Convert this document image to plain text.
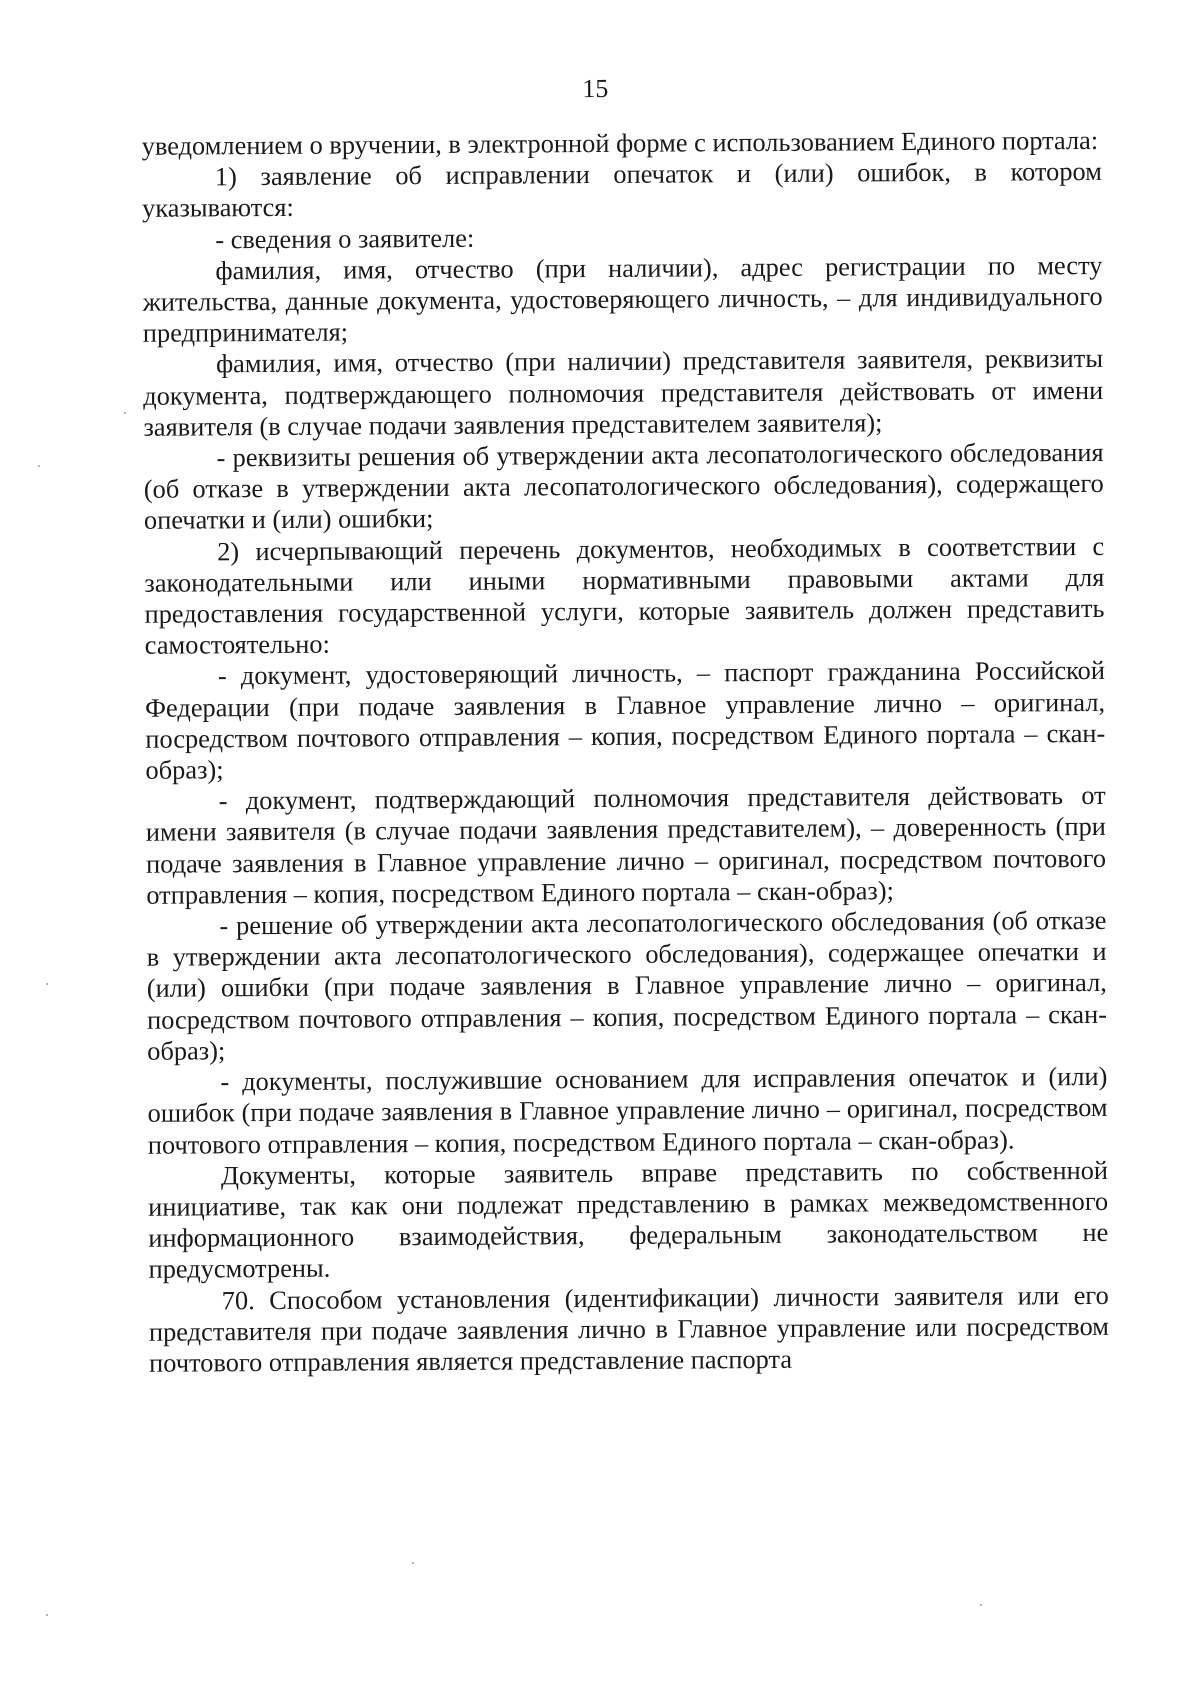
15

уведомлением о вручении, в электронной форме с использованием Единого портала:

1) заявление об исправлении опечаток и (или) ошибок, в котором указываются:

- сведения о заявителе:

фамилия, имя, отчество (при наличии), адрес регистрации по месту жительства, данные документа, удостоверяющего личность, – для индивидуального предпринимателя;

фамилия, имя, отчество (при наличии) представителя заявителя, реквизиты документа, подтверждающего полномочия представителя действовать от имени заявителя (в случае подачи заявления представителем заявителя);

- реквизиты решения об утверждении акта лесопатологического обследования (об отказе в утверждении акта лесопатологического обследования), содержащего опечатки и (или) ошибки;

2) исчерпывающий перечень документов, необходимых в соответствии с законодательными или иными нормативными правовыми актами для предоставления государственной услуги, которые заявитель должен представить самостоятельно:

- документ, удостоверяющий личность, – паспорт гражданина Российской Федерации (при подаче заявления в Главное управление лично – оригинал, посредством почтового отправления – копия, посредством Единого портала – скан-образ);

- документ, подтверждающий полномочия представителя действовать от имени заявителя (в случае подачи заявления представителем), – доверенность (при подаче заявления в Главное управление лично – оригинал, посредством почтового отправления – копия, посредством Единого портала – скан-образ);

- решение об утверждении акта лесопатологического обследования (об отказе в утверждении акта лесопатологического обследования), содержащее опечатки и (или) ошибки (при подаче заявления в Главное управление лично – оригинал, посредством почтового отправления – копия, посредством Единого портала – скан-образ);

- документы, послужившие основанием для исправления опечаток и (или) ошибок (при подаче заявления в Главное управление лично – оригинал, посредством почтового отправления – копия, посредством Единого портала – скан-образ).

Документы, которые заявитель вправе представить по собственной инициативе, так как они подлежат представлению в рамках межведомственного информационного взаимодействия, федеральным законодательством не предусмотрены.

70. Способом установления (идентификации) личности заявителя или его представителя при подаче заявления лично в Главное управление или посредством почтового отправления является представление паспорта
